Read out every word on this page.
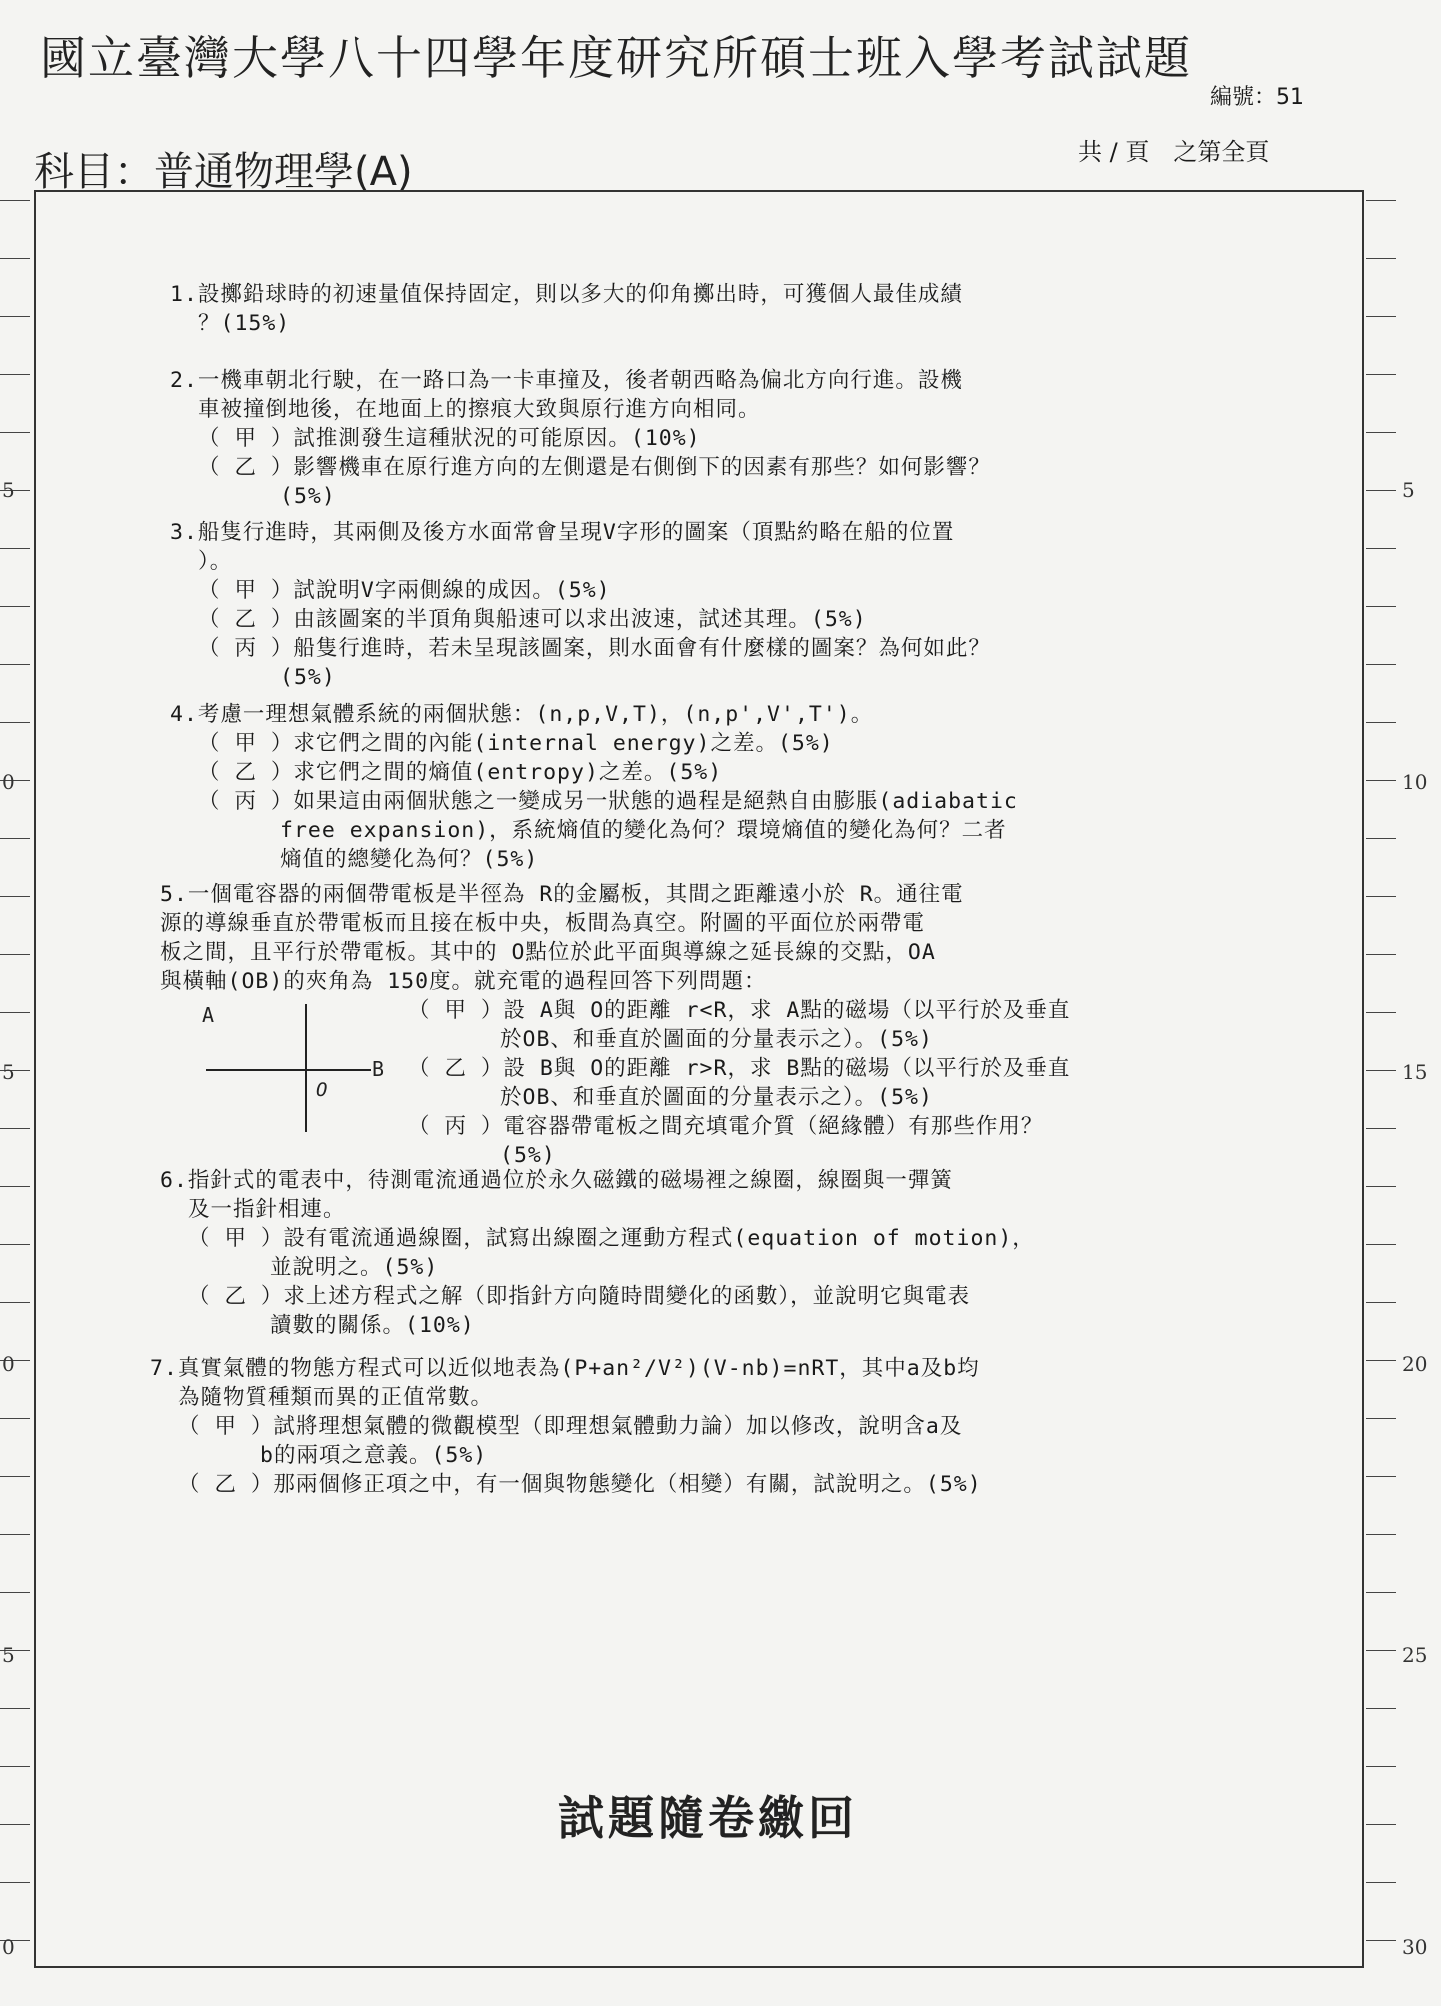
國立臺灣大學八十四學年度研究所碩士班入學考試試題
編號：51
科目：普通物理學(A)	共 / 頁　之第全頁
5
0
5
0
5
0
5
10
15
20
25
30
1.設擲鉛球時的初速量值保持固定，則以多大的仰角擲出時，可獲個人最佳成績
？(15%)
2.一機車朝北行駛，在一路口為一卡車撞及，後者朝西略為偏北方向行進。設機
車被撞倒地後，在地面上的擦痕大致與原行進方向相同。
（ 甲 ）試推測發生這種狀況的可能原因。(10%)
（ 乙 ）影響機車在原行進方向的左側還是右側倒下的因素有那些？如何影響？
(5%)
3.船隻行進時，其兩側及後方水面常會呈現V字形的圖案（頂點約略在船的位置
）。
（ 甲 ）試說明V字兩側線的成因。(5%)
（ 乙 ）由該圖案的半頂角與船速可以求出波速，試述其理。(5%)
（ 丙 ）船隻行進時，若未呈現該圖案，則水面會有什麼樣的圖案？為何如此？
(5%)
4.考慮一理想氣體系統的兩個狀態：(n,p,V,T)，(n,p',V',T')。
（ 甲 ）求它們之間的內能(internal energy)之差。(5%)
（ 乙 ）求它們之間的熵值(entropy)之差。(5%)
（ 丙 ）如果這由兩個狀態之一變成另一狀態的過程是絕熱自由膨脹(adiabatic
free expansion)，系統熵值的變化為何？環境熵值的變化為何？二者
熵值的總變化為何？(5%)
5.一個電容器的兩個帶電板是半徑為 R的金屬板，其間之距離遠小於 R。通往電
源的導線垂直於帶電板而且接在板中央，板間為真空。附圖的平面位於兩帶電
板之間，且平行於帶電板。其中的 O點位於此平面與導線之延長線的交點，OA
與橫軸(OB)的夾角為 150度。就充電的過程回答下列問題：
（ 甲 ）設 A與 O的距離 r<R，求 A點的磁場（以平行於及垂直
於OB、和垂直於圖面的分量表示之）。(5%)
（ 乙 ）設 B與 O的距離 r>R，求 B點的磁場（以平行於及垂直
於OB、和垂直於圖面的分量表示之）。(5%)
（ 丙 ）電容器帶電板之間充填電介質（絕緣體）有那些作用？
(5%)
A
B
O
6.指針式的電表中，待測電流通過位於永久磁鐵的磁場裡之線圈，線圈與一彈簧
及一指針相連。
（ 甲 ）設有電流通過線圈，試寫出線圈之運動方程式(equation of motion)，
並說明之。(5%)
（ 乙 ）求上述方程式之解（即指針方向隨時間變化的函數），並說明它與電表
讀數的關係。(10%)
7.真實氣體的物態方程式可以近似地表為(P+an²/V²)(V-nb)=nRT，其中a及b均
為隨物質種類而異的正值常數。
（ 甲 ）試將理想氣體的微觀模型（即理想氣體動力論）加以修改，說明含a及
b的兩項之意義。(5%)
（ 乙 ）那兩個修正項之中，有一個與物態變化（相變）有關，試說明之。(5%)
試題隨卷繳回
